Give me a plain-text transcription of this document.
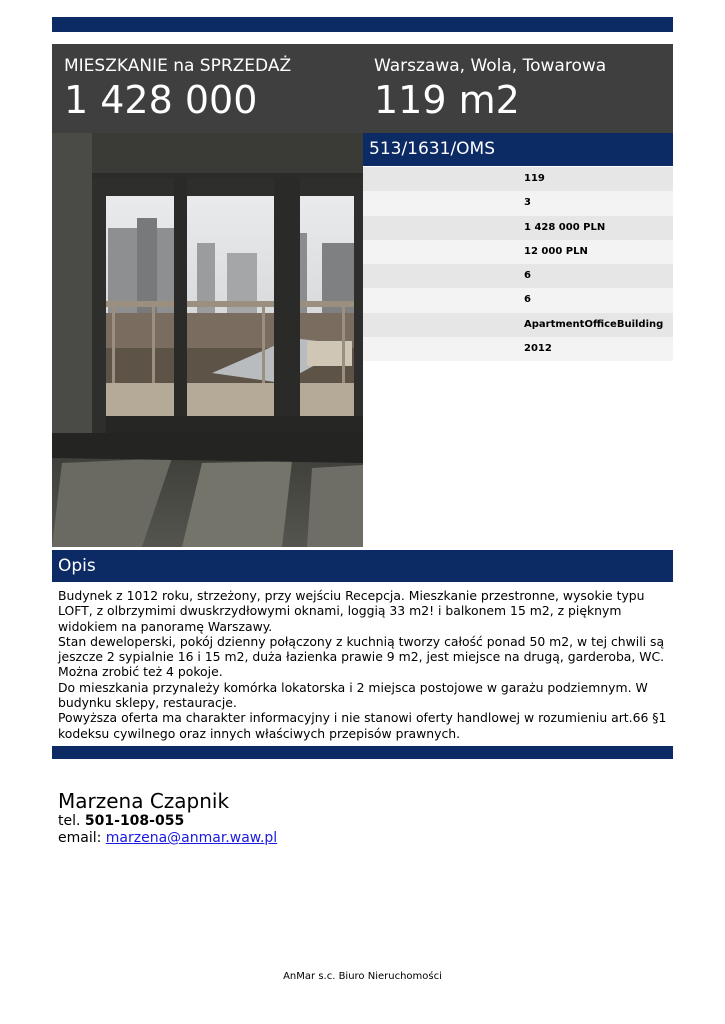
MIESZKANIE na SPRZEDAŻ
1 428 000
Warszawa, Wola, Towarowa
119 m2
513/1631/OMS
119
3
1 428 000 PLN
12 000 PLN
6
6
ApartmentOfficeBuilding
2012
Opis

Budynek z 1012 roku, strzeżony, przy wejściu Recepcja. Mieszkanie przestronne, wysokie typu LOFT, z olbrzymimi dwuskrzydłowymi oknami, loggią 33 m2! i balkonem 15 m2, z pięknym widokiem na panoramę Warszawy.

Stan deweloperski, pokój dzienny połączony z kuchnią tworzy całość ponad 50 m2, w tej chwili są jeszcze 2 sypialnie 16 i 15 m2, duża łazienka prawie 9 m2, jest miejsce na drugą, garderoba, WC. Można zrobić też 4 pokoje.

Do mieszkania przynależy komórka lokatorska i 2 miejsca postojowe w garażu podziemnym. W budynku sklepy, restauracje.

Powyższa oferta ma charakter informacyjny i nie stanowi oferty handlowej w rozumieniu art.66 §1 kodeksu cywilnego oraz innych właściwych przepisów prawnych.

Marzena Czapnik
tel. 501-108-055
email: marzena@anmar.waw.pl
AnMar s.c. Biuro Nieruchomości
